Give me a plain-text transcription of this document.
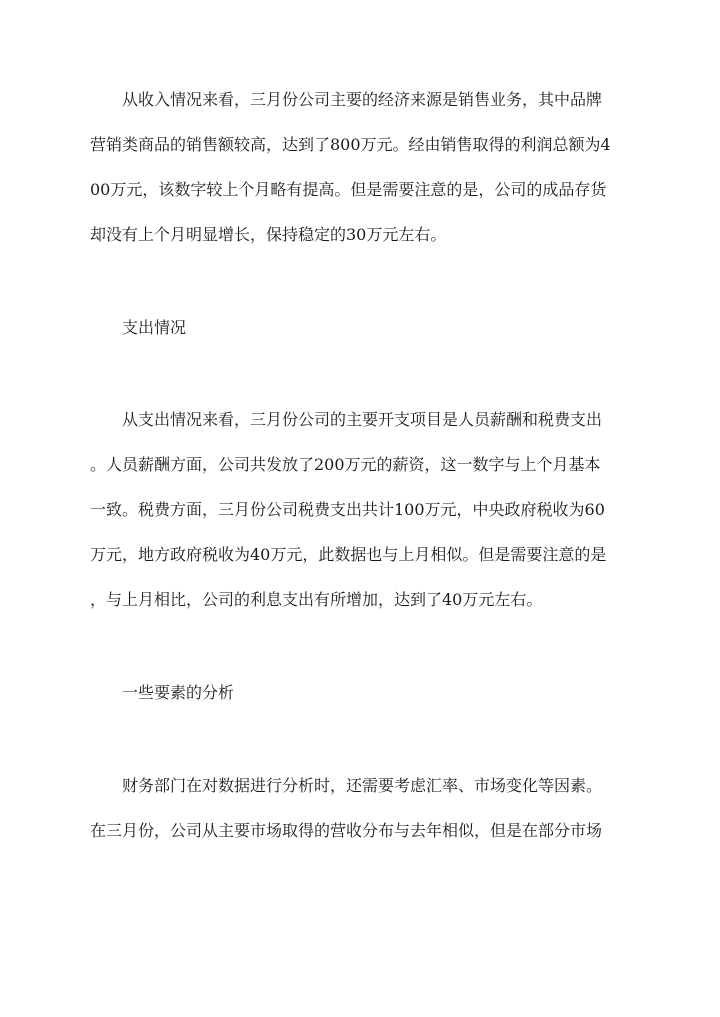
从收入情况来看，三月份公司主要的经济来源是销售业务，其中品牌
营销类商品的销售额较高，达到了800万元。经由销售取得的利润总额为4
00万元，该数字较上个月略有提高。但是需要注意的是，公司的成品存货
却没有上个月明显增长，保持稳定的30万元左右。
支出情况
从支出情况来看，三月份公司的主要开支项目是人员薪酬和税费支出
。人员薪酬方面，公司共发放了200万元的薪资，这一数字与上个月基本
一致。税费方面，三月份公司税费支出共计100万元，中央政府税收为60
万元，地方政府税收为40万元，此数据也与上月相似。但是需要注意的是
，与上月相比，公司的利息支出有所增加，达到了40万元左右。
一些要素的分析
财务部门在对数据进行分析时，还需要考虑汇率、市场变化等因素。
在三月份，公司从主要市场取得的营收分布与去年相似，但是在部分市场
